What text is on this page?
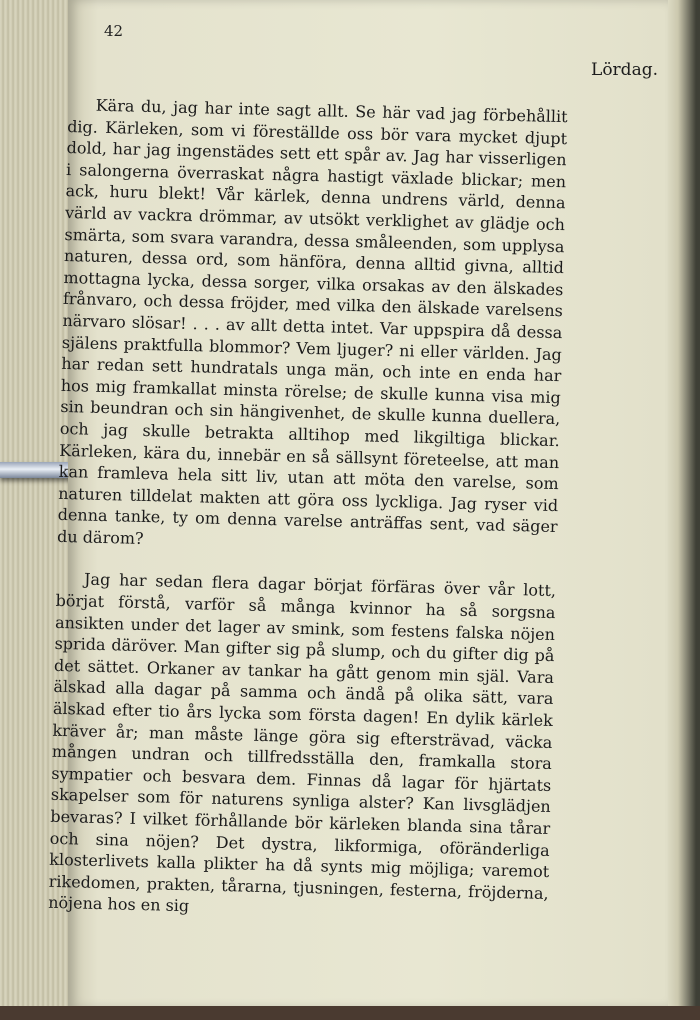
42
Lördag.

Kära du, jag har inte sagt allt. Se här vad jag förbehållit dig. Kärleken, som vi föreställde oss bör vara mycket djupt dold, har jag ingenstädes sett ett spår av. Jag har visserligen i salongerna överraskat några hastigt växlade blickar; men ack, huru blekt! Vår kärlek, denna undrens värld, denna värld av vackra drömmar, av utsökt verklighet av glädje och smärta, som svara varandra, dessa småleenden, som upplysa naturen, dessa ord, som hänföra, denna alltid givna, alltid mottagna lycka, dessa sorger, vilka orsakas av den älskades frånvaro, och dessa fröjder, med vilka den älskade varelsens närvaro slösar! . . . av allt detta intet. Var uppspira då dessa själens praktfulla blommor? Vem ljuger? ni eller världen. Jag har redan sett hundratals unga män, och inte en enda har hos mig framkallat minsta rörelse; de skulle kunna visa mig sin beundran och sin hängivenhet, de skulle kunna duellera, och jag skulle betrakta alltihop med likgiltiga blickar. Kärleken, kära du, innebär en så sällsynt företeelse, att man kan framleva hela sitt liv, utan att möta den varelse, som naturen tilldelat makten att göra oss lyckliga. Jag ryser vid denna tanke, ty om denna varelse anträffas sent, vad säger du därom?

Jag har sedan flera dagar börjat förfäras över vår lott, börjat förstå, varför så många kvinnor ha så sorgsna ansikten under det lager av smink, som festens falska nöjen sprida däröver. Man gifter sig på slump, och du gifter dig på det sättet. Orkaner av tankar ha gått genom min själ. Vara älskad alla dagar på samma och ändå på olika sätt, vara älskad efter tio års lycka som första dagen! En dylik kärlek kräver år; man måste länge göra sig eftersträvad, väcka mången undran och tillfredsställa den, framkalla stora sympatier och besvara dem. Finnas då lagar för hjärtats skapelser som för naturens synliga alster? Kan livsglädjen bevaras? I vilket förhållande bör kärleken blanda sina tårar och sina nöjen? Det dystra, likformiga, oföränderliga klosterlivets kalla plikter ha då synts mig möjliga; varemot rikedomen, prakten, tårarna, tjusningen, festerna, fröjderna, nöjena hos en sig
